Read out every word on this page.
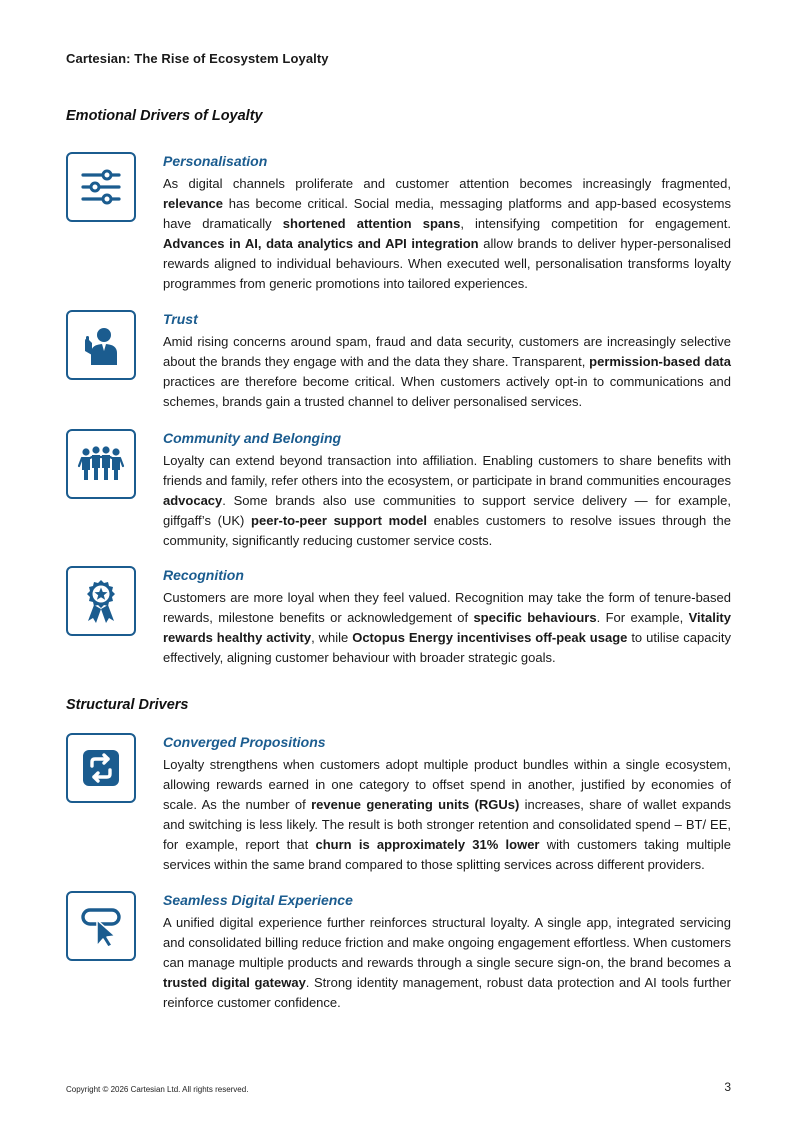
Cartesian: The Rise of Ecosystem Loyalty
Emotional Drivers of Loyalty
Personalisation

As digital channels proliferate and customer attention becomes increasingly fragmented, relevance has become critical. Social media, messaging platforms and app-based ecosystems have dramatically shortened attention spans, intensifying competition for engagement. Advances in AI, data analytics and API integration allow brands to deliver hyper-personalised rewards aligned to individual behaviours. When executed well, personalisation transforms loyalty programmes from generic promotions into tailored experiences.

Trust

Amid rising concerns around spam, fraud and data security, customers are increasingly selective about the brands they engage with and the data they share. Transparent, permission-based data practices are therefore become critical. When customers actively opt-in to communications and schemes, brands gain a trusted channel to deliver personalised services.

Community and Belonging

Loyalty can extend beyond transaction into affiliation. Enabling customers to share benefits with friends and family, refer others into the ecosystem, or participate in brand communities encourages advocacy. Some brands also use communities to support service delivery — for example, giffgaff’s (UK) peer-to-peer support model enables customers to resolve issues through the community, significantly reducing customer service costs.

Recognition

Customers are more loyal when they feel valued. Recognition may take the form of tenure-based rewards, milestone benefits or acknowledgement of specific behaviours. For example, Vitality rewards healthy activity, while Octopus Energy incentivises off-peak usage to utilise capacity effectively, aligning customer behaviour with broader strategic goals.

Structural Drivers
Converged Propositions

Loyalty strengthens when customers adopt multiple product bundles within a single ecosystem, allowing rewards earned in one category to offset spend in another, justified by economies of scale. As the number of revenue generating units (RGUs) increases, share of wallet expands and switching is less likely. The result is both stronger retention and consolidated spend – BT/ EE, for example, report that churn is approximately 31% lower with customers taking multiple services within the same brand compared to those splitting services across different providers.

Seamless Digital Experience

A unified digital experience further reinforces structural loyalty. A single app, integrated servicing and consolidated billing reduce friction and make ongoing engagement effortless. When customers can manage multiple products and rewards through a single secure sign-on, the brand becomes a trusted digital gateway. Strong identity management, robust data protection and AI tools further reinforce customer confidence.

Copyright © 2026 Cartesian Ltd. All rights reserved.	3
